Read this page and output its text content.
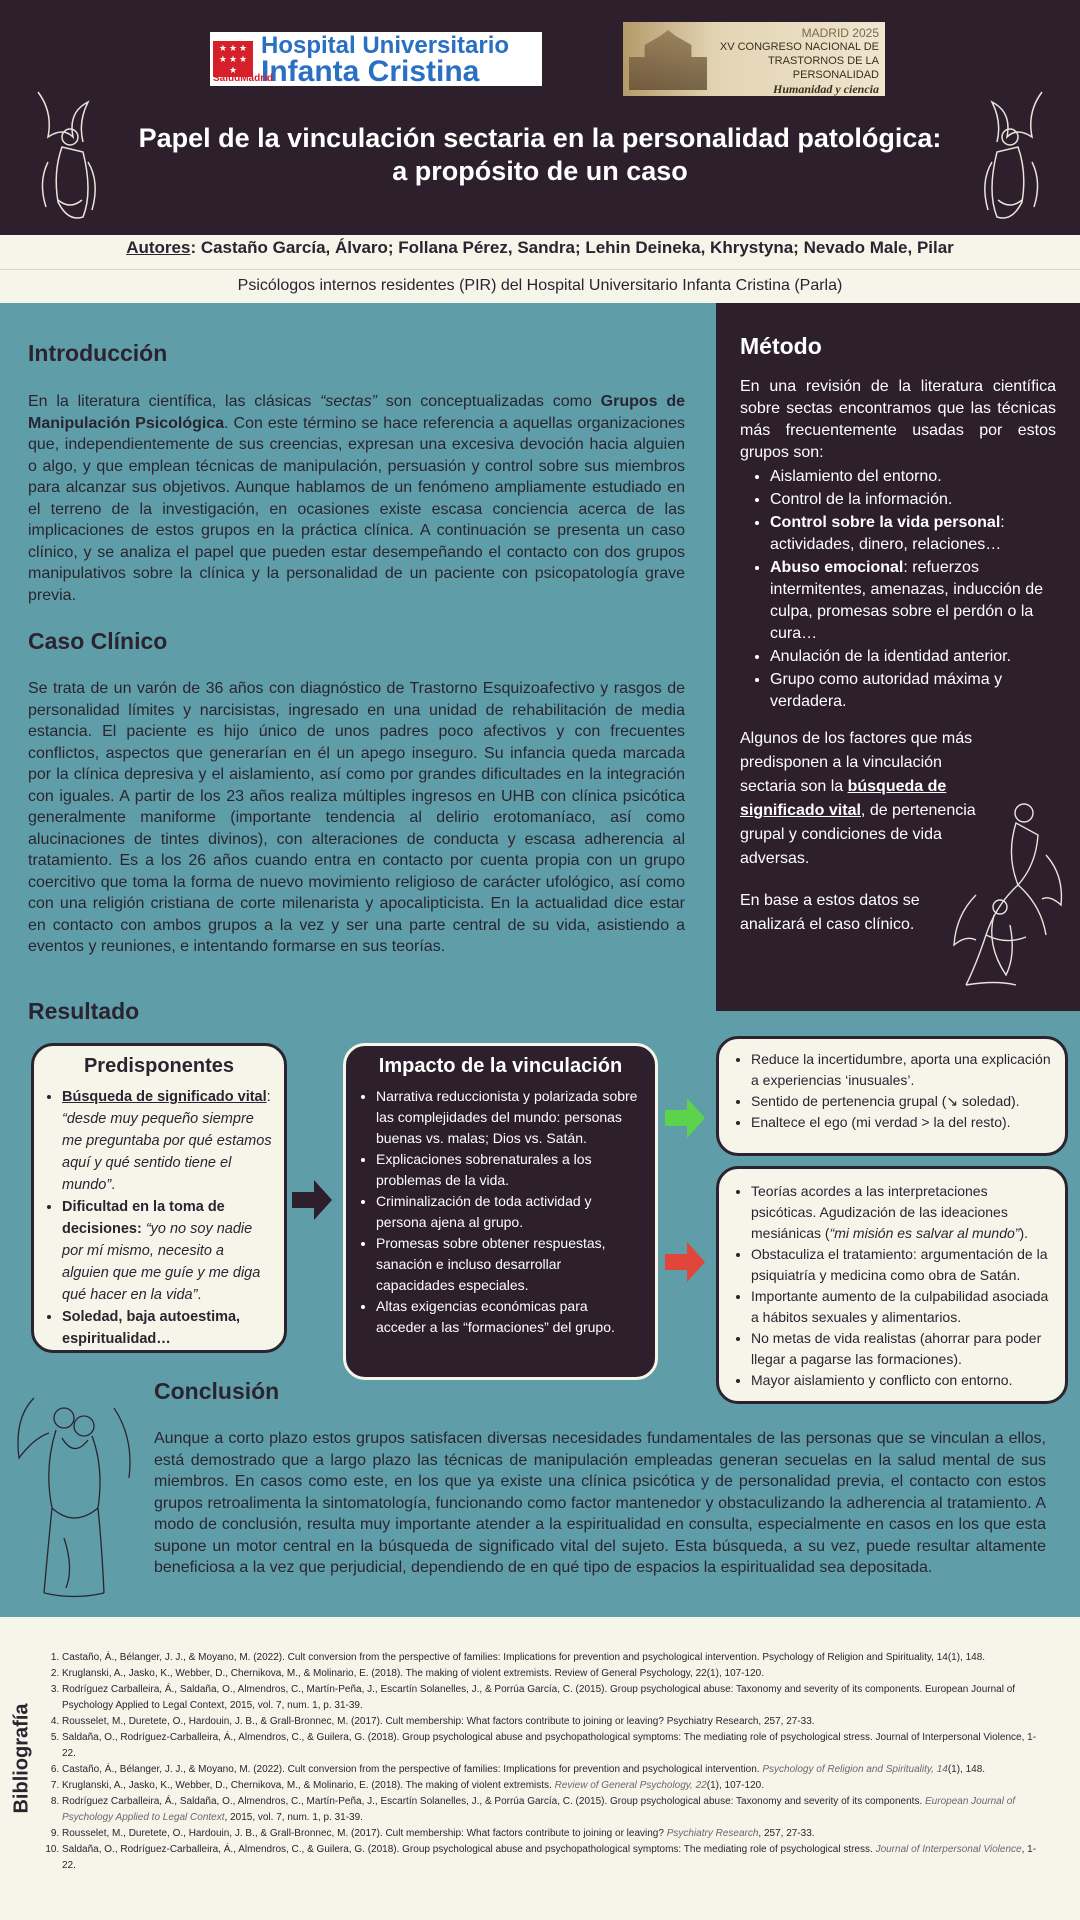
★ ★ ★
★ ★ ★
★
SaludMadrid
Hospital Universitario
Infanta Cristina
MADRID 2025
XV CONGRESO NACIONAL DE
TRASTORNOS DE LA PERSONALIDAD
Humanidad y ciencia
Papel de la vinculación sectaria en la personalidad patológica:
a propósito de un caso
Autores: Castaño García, Álvaro; Follana Pérez, Sandra; Lehin Deineka, Khrystyna; Nevado Male, Pilar
Psicólogos internos residentes (PIR) del Hospital Universitario Infanta Cristina (Parla)
Introducción
En la literatura científica, las clásicas “sectas” son conceptualizadas como Grupos de Manipulación Psicológica. Con este término se hace referencia a aquellas organizaciones que, independientemente de sus creencias, expresan una excesiva devoción hacia alguien o algo, y que emplean técnicas de manipulación, persuasión y control sobre sus miembros para alcanzar sus objetivos. Aunque hablamos de un fenómeno ampliamente estudiado en el terreno de la investigación, en ocasiones existe escasa conciencia acerca de las implicaciones de estos grupos en la práctica clínica. A continuación se presenta un caso clínico, y se analiza el papel que pueden estar desempeñando el contacto con dos grupos manipulativos sobre la clínica y la personalidad de un paciente con psicopatología grave previa.
Caso Clínico
Se trata de un varón de 36 años con diagnóstico de Trastorno Esquizoafectivo y rasgos de personalidad límites y narcisistas, ingresado en una unidad de rehabilitación de media estancia. El paciente es hijo único de unos padres poco afectivos y con frecuentes conflictos, aspectos que generarían en él un apego inseguro. Su infancia queda marcada por la clínica depresiva y el aislamiento, así como por grandes dificultades en la integración con iguales. A partir de los 23 años realiza múltiples ingresos en UHB con clínica psicótica generalmente maniforme (importante tendencia al delirio erotomaníaco, así como alucinaciones de tintes divinos), con alteraciones de conducta y escasa adherencia al tratamiento. Es a los 26 años cuando entra en contacto por cuenta propia con un grupo coercitivo que toma la forma de nuevo movimiento religioso de carácter ufológico, así como con una religión cristiana de corte milenarista y apocalipticista. En la actualidad dice estar en contacto con ambos grupos a la vez y ser una parte central de su vida, asistiendo a eventos y reuniones, e intentando formarse en sus teorías.
Método

En una revisión de la literatura científica sobre sectas encontramos que las técnicas más frecuentemente usadas por estos grupos son:

• Aislamiento del entorno.
• Control de la información.
• Control sobre la vida personal: actividades, dinero, relaciones…
• Abuso emocional: refuerzos intermitentes, amenazas, inducción de culpa, promesas sobre el perdón o la cura…
• Anulación de la identidad anterior.
• Grupo como autoridad máxima y verdadera.

Algunos de los factores que más predisponen a la vinculación sectaria son la búsqueda de significado vital, de pertenencia grupal y condiciones de vida adversas.

En base a estos datos se analizará el caso clínico.

Resultado
Predisponentes
• Búsqueda de significado vital: “desde muy pequeño siempre me preguntaba por qué estamos aquí y qué sentido tiene el mundo”.
• Dificultad en la toma de decisiones: “yo no soy nadie por mí mismo, necesito a alguien que me guíe y me diga qué hacer en la vida”.
• Soledad, baja autoestima, espiritualidad…
Impacto de la vinculación
• Narrativa reduccionista y polarizada sobre las complejidades del mundo: personas buenas vs. malas; Dios vs. Satán.
• Explicaciones sobrenaturales a los problemas de la vida.
• Criminalización de toda actividad y persona ajena al grupo.
• Promesas sobre obtener respuestas, sanación e incluso desarrollar capacidades especiales.
• Altas exigencias económicas para acceder a las “formaciones” del grupo.
• Reduce la incertidumbre, aporta una explicación a experiencias ‘inusuales’.
• Sentido de pertenencia grupal (↘ soledad).
• Enaltece el ego (mi verdad > la del resto).
• Teorías acordes a las interpretaciones psicóticas. Agudización de las ideaciones mesiánicas (“mi misión es salvar al mundo”).
• Obstaculiza el tratamiento: argumentación de la psiquiatría y medicina como obra de Satán.
• Importante aumento de la culpabilidad asociada a hábitos sexuales y alimentarios.
• No metas de vida realistas (ahorrar para poder llegar a pagarse las formaciones).
• Mayor aislamiento y conflicto con entorno.
Conclusión
Aunque a corto plazo estos grupos satisfacen diversas necesidades fundamentales de las personas que se vinculan a ellos, está demostrado que a largo plazo las técnicas de manipulación empleadas generan secuelas en la salud mental de sus miembros. En casos como este, en los que ya existe una clínica psicótica y de personalidad previa, el contacto con estos grupos retroalimenta la sintomatología, funcionando como factor mantenedor y obstaculizando la adherencia al tratamiento. A modo de conclusión, resulta muy importante atender a la espiritualidad en consulta, especialmente en casos en los que esta supone un motor central en la búsqueda de significado vital del sujeto. Esta búsqueda, a su vez, puede resultar altamente beneficiosa a la vez que perjudicial, dependiendo de en qué tipo de espacios la espiritualidad sea depositada.
Bibliografía
1. Castaño, Á., Bélanger, J. J., & Moyano, M. (2022). Cult conversion from the perspective of families: Implications for prevention and psychological intervention. Psychology of Religion and Spirituality, 14(1), 148.
2. Kruglanski, A., Jasko, K., Webber, D., Chernikova, M., & Molinario, E. (2018). The making of violent extremists. Review of General Psychology, 22(1), 107-120.
3. Rodríguez Carballeira, Á., Saldaña, O., Almendros, C., Martín-Peña, J., Escartín Solanelles, J., & Porrúa García, C. (2015). Group psychological abuse: Taxonomy and severity of its components. European Journal of Psychology Applied to Legal Context, 2015, vol. 7, num. 1, p. 31-39.
4. Rousselet, M., Duretete, O., Hardouin, J. B., & Grall-Bronnec, M. (2017). Cult membership: What factors contribute to joining or leaving? Psychiatry Research, 257, 27-33.
5. Saldaña, O., Rodríguez-Carballeira, Á., Almendros, C., & Guilera, G. (2018). Group psychological abuse and psychopathological symptoms: The mediating role of psychological stress. Journal of Interpersonal Violence, 1-22.
6. Castaño, Á., Bélanger, J. J., & Moyano, M. (2022). Cult conversion from the perspective of families: Implications for prevention and psychological intervention. Psychology of Religion and Spirituality, 14(1), 148.
7. Kruglanski, A., Jasko, K., Webber, D., Chernikova, M., & Molinario, E. (2018). The making of violent extremists. Review of General Psychology, 22(1), 107-120.
8. Rodríguez Carballeira, Á., Saldaña, O., Almendros, C., Martín-Peña, J., Escartín Solanelles, J., & Porrúa García, C. (2015). Group psychological abuse: Taxonomy and severity of its components. European Journal of Psychology Applied to Legal Context, 2015, vol. 7, num. 1, p. 31-39.
9. Rousselet, M., Duretete, O., Hardouin, J. B., & Grall-Bronnec, M. (2017). Cult membership: What factors contribute to joining or leaving? Psychiatry Research, 257, 27-33.
10. Saldaña, O., Rodríguez-Carballeira, Á., Almendros, C., & Guilera, G. (2018). Group psychological abuse and psychopathological symptoms: The mediating role of psychological stress. Journal of Interpersonal Violence, 1-22.
